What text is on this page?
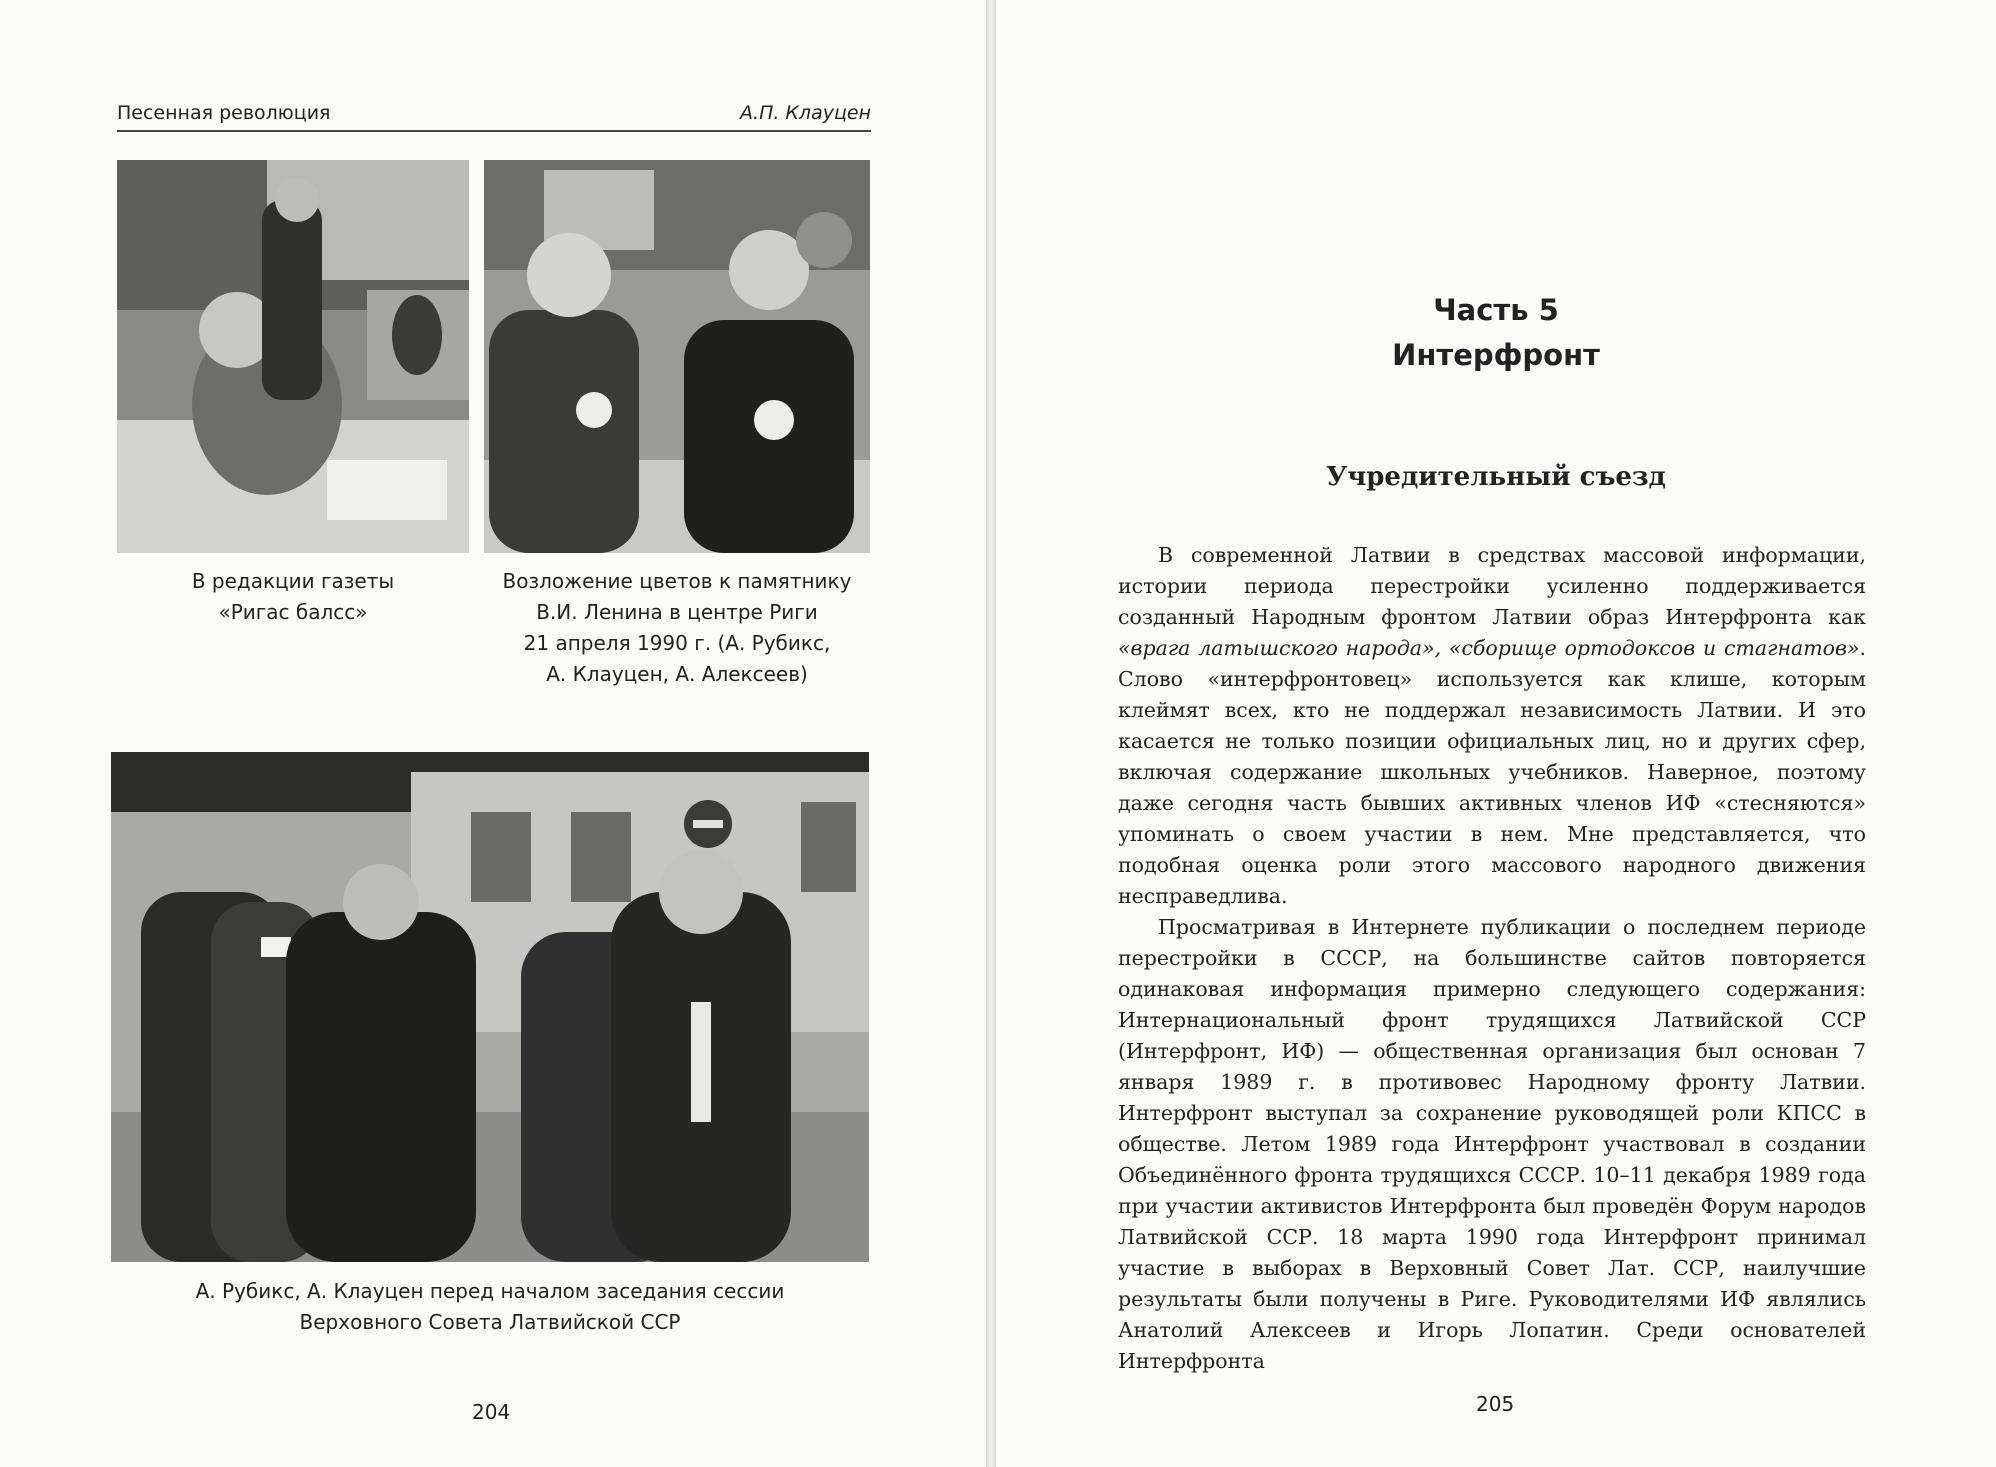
Песенная революция	А.П. Клауцен
В редакции газеты
«Ригас балсс»
Возложение цветов к памятнику
В.И. Ленина в центре Риги
21 апреля 1990 г. (А. Рубикс,
А. Клауцен, А. Алексеев)
А. Рубикс, А. Клауцен перед началом заседания сессии
Верховного Совета Латвийской ССР
204
Часть 5
Интерфронт
Учредительный съезд

В современной Латвии в средствах массовой информации, истории периода перестройки усиленно поддерживается созданный Народным фронтом Латвии образ Интерфронта как «врага латышского народа», «сборище ортодоксов и стагнатов». Слово «интерфронтовец» используется как клише, которым клеймят всех, кто не поддержал независимость Латвии. И это касается не только позиции официальных лиц, но и других сфер, включая содержание школьных учебников. Наверное, поэтому даже сегодня часть бывших активных членов ИФ «стесняются» упоминать о своем участии в нем. Мне представляется, что подобная оценка роли этого массового народного движения несправедлива.

Просматривая в Интернете публикации о последнем периоде перестройки в СССР, на большинстве сайтов повторяется одинаковая информация примерно следующего содержания: Интернациональный фронт трудящихся Латвийской ССР (Интерфронт, ИФ) — общественная организация был основан 7 января 1989 г. в противовес Народному фронту Латвии. Интерфронт выступал за сохранение руководящей роли КПСС в обществе. Летом 1989 года Интерфронт участвовал в создании Объединённого фронта трудящихся СССР. 10–11 декабря 1989 года при участии активистов Интерфронта был проведён Форум народов Латвийской ССР. 18 марта 1990 года Интерфронт принимал участие в выборах в Верховный Совет Лат. ССР, наилучшие результаты были получены в Риге. Руководителями ИФ являлись Анатолий Алексеев и Игорь Лопатин. Среди основателей Интерфронта

205
